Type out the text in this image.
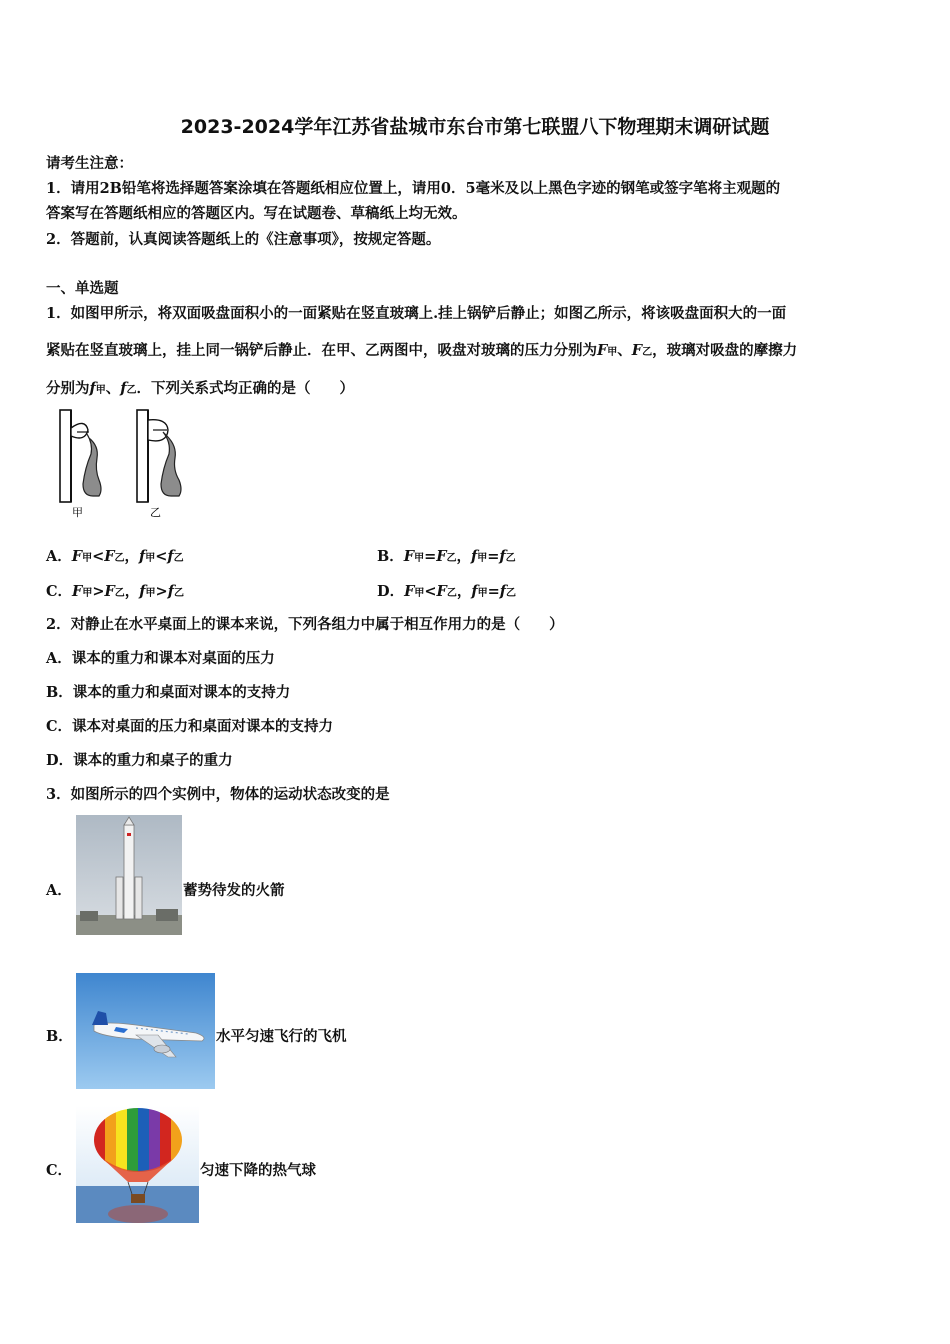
2023-2024学年江苏省盐城市东台市第七联盟八下物理期末调研试题
请考生注意：
1．请用2B铅笔将选择题答案涂填在答题纸相应位置上，请用0．5毫米及以上黑色字迹的钢笔或签字笔将主观题的
答案写在答题纸相应的答题区内。写在试题卷、草稿纸上均无效。
2．答题前，认真阅读答题纸上的《注意事项》，按规定答题。
一、单选题
1．如图甲所示，将双面吸盘面积小的一面紧贴在竖直玻璃上.挂上锅铲后静止；如图乙所示，将该吸盘面积大的一面
紧贴在竖直玻璃上，挂上同一锅铲后静止．在甲、乙两图中，吸盘对玻璃的压力分别为F甲、F乙，玻璃对吸盘的摩擦力
分别为f甲、f乙．下列关系式均正确的是（　　）
甲	乙
A．F甲<F乙，f甲<f乙	B．F甲=F乙，f甲=f乙
C．F甲>F乙，f甲>f乙	D．F甲<F乙，f甲=f乙
2．对静止在水平桌面上的课本来说，下列各组力中属于相互作用力的是（　　）
A．课本的重力和课本对桌面的压力
B．课本的重力和桌面对课本的支持力
C．课本对桌面的压力和桌面对课本的支持力
D．课本的重力和桌子的重力
3．如图所示的四个实例中，物体的运动状态改变的是
A．	蓄势待发的火箭
B．	水平匀速飞行的飞机
C．	匀速下降的热气球
